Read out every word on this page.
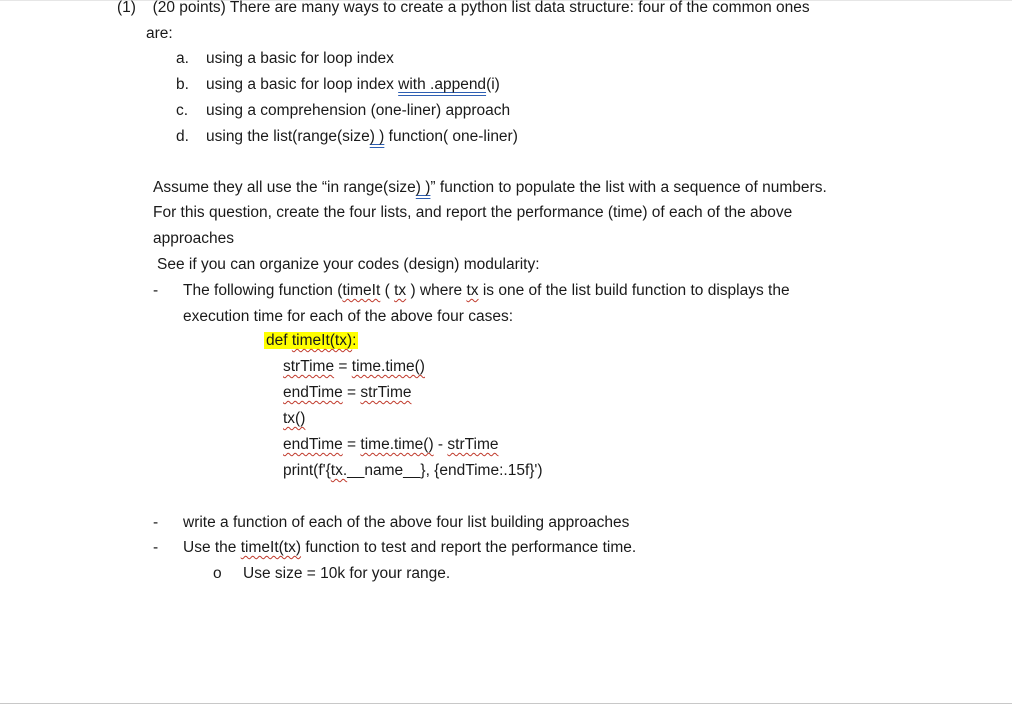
(1) (20 points) There are many ways to create a python list data structure: four of the common ones
are:
a. using a basic for loop index
b. using a basic for loop index with .append(i)
c. using a comprehension (one-liner) approach
d. using the list(range(size) ) function( one-liner)
Assume they all use the “in range(size) )” function to populate the list with a sequence of numbers.
For this question, create the four lists, and report the performance (time) of each of the above
approaches
See if you can organize your codes (design) modularity:
- The following function (timeIt ( tx ) where tx is one of the list build function to displays the
execution time for each of the above four cases:
def timeIt(tx):
strTime = time.time()
endTime = strTime
tx()
endTime = time.time() - strTime
print(f'{tx.__name__}, {endTime:.15f}')
- write a function of each of the above four list building approaches
- Use the timeIt(tx) function to test and report the performance time.
o Use size = 10k for your range.
